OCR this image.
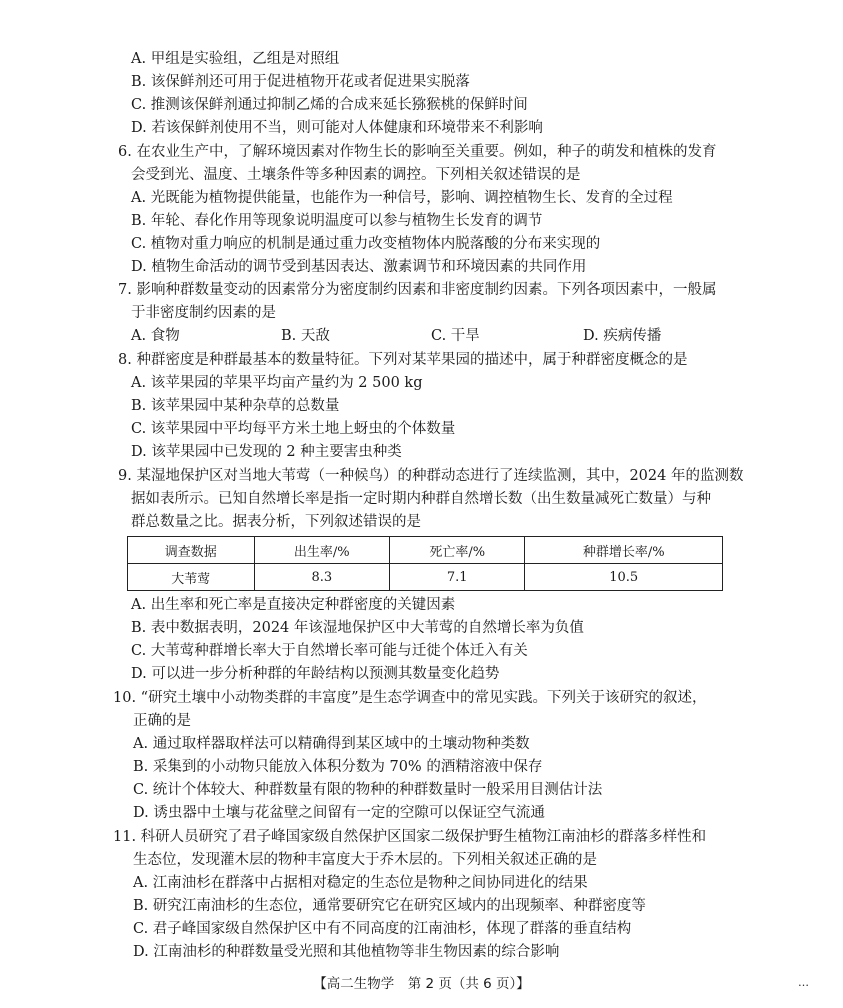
A. 甲组是实验组，乙组是对照组
B. 该保鲜剂还可用于促进植物开花或者促进果实脱落
C. 推测该保鲜剂通过抑制乙烯的合成来延长猕猴桃的保鲜时间
D. 若该保鲜剂使用不当，则可能对人体健康和环境带来不利影响
6. 在农业生产中，了解环境因素对作物生长的影响至关重要。例如，种子的萌发和植株的发育
会受到光、温度、土壤条件等多种因素的调控。下列相关叙述错误的是
A. 光既能为植物提供能量，也能作为一种信号，影响、调控植物生长、发育的全过程
B. 年轮、春化作用等现象说明温度可以参与植物生长发育的调节
C. 植物对重力响应的机制是通过重力改变植物体内脱落酸的分布来实现的
D. 植物生命活动的调节受到基因表达、激素调节和环境因素的共同作用
7. 影响种群数量变动的因素常分为密度制约因素和非密度制约因素。下列各项因素中，一般属
于非密度制约因素的是
A. 食物	B. 天敌	C. 干旱	D. 疾病传播
8. 种群密度是种群最基本的数量特征。下列对某苹果园的描述中，属于种群密度概念的是
A. 该苹果园的苹果平均亩产量约为 2 500 kg
B. 该苹果园中某种杂草的总数量
C. 该苹果园中平均每平方米土地上蚜虫的个体数量
D. 该苹果园中已发现的 2 种主要害虫种类
9. 某湿地保护区对当地大苇莺（一种候鸟）的种群动态进行了连续监测，其中，2024 年的监测数
据如表所示。已知自然增长率是指一定时期内种群自然增长数（出生数量减死亡数量）与种
群总数量之比。据表分析，下列叙述错误的是
调查数据	出生率/%	死亡率/%	种群增长率/%
大苇莺	8.3	7.1	10.5
A. 出生率和死亡率是直接决定种群密度的关键因素
B. 表中数据表明，2024 年该湿地保护区中大苇莺的自然增长率为负值
C. 大苇莺种群增长率大于自然增长率可能与迁徙个体迁入有关
D. 可以进一步分析种群的年龄结构以预测其数量变化趋势
10. “研究土壤中小动物类群的丰富度”是生态学调查中的常见实践。下列关于该研究的叙述，
正确的是
A. 通过取样器取样法可以精确得到某区域中的土壤动物种类数
B. 采集到的小动物只能放入体积分数为 70% 的酒精溶液中保存
C. 统计个体较大、种群数量有限的物种的种群数量时一般采用目测估计法
D. 诱虫器中土壤与花盆壁之间留有一定的空隙可以保证空气流通
11. 科研人员研究了君子峰国家级自然保护区国家二级保护野生植物江南油杉的群落多样性和
生态位，发现灌木层的物种丰富度大于乔木层的。下列相关叙述正确的是
A. 江南油杉在群落中占据相对稳定的生态位是物种之间协同进化的结果
B. 研究江南油杉的生态位，通常要研究它在研究区域内的出现频率、种群密度等
C. 君子峰国家级自然保护区中有不同高度的江南油杉，体现了群落的垂直结构
D. 江南油杉的种群数量受光照和其他植物等非生物因素的综合影响
【高二生物学　第 2 页（共 6 页）】	…
